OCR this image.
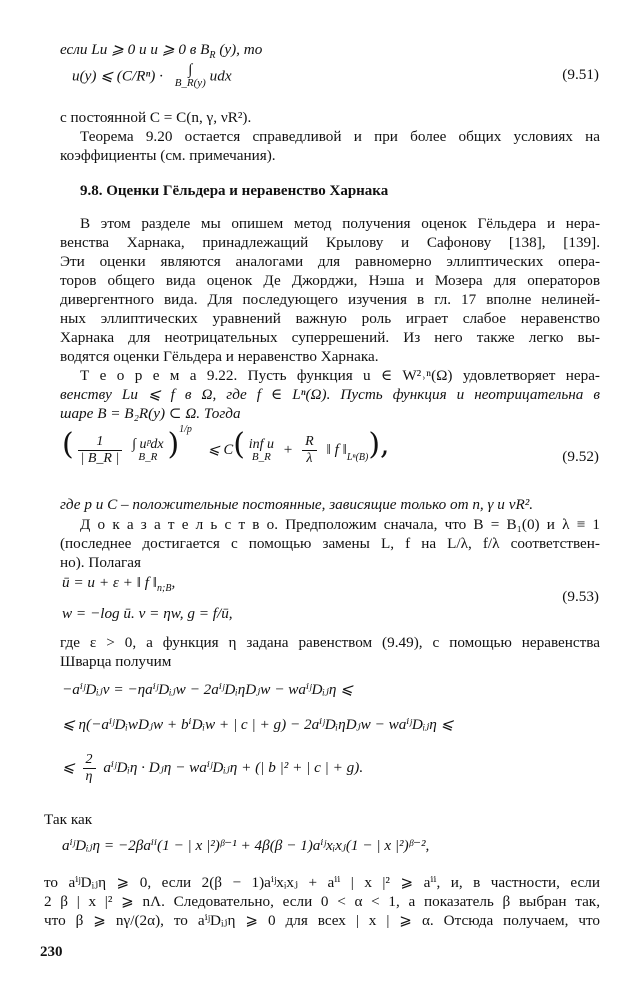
если Lu ⩾ 0 и u ⩾ 0 в $B_R$ (y), то
u(y) ⩽ (C/Rⁿ) ·	∫
B_R(y) udx	(9.51)
с постоянной C = C(n, γ, νR²).
Теорема 9.20 остается справедливой и при более общих условиях на
коэффициенты (см. примечания).
9.8. Оценки Гёльдера и неравенство Харнака
В этом разделе мы опишем метод получения оценок Гёльдера и нера-
венства Харнака, принадлежащий Крылову и Сафонову [138], [139].
Эти оценки являются аналогами для равномерно эллиптических опера-
торов общего вида оценок Де Джорджи, Нэша и Мозера для операторов
дивергентного вида. Для последующего изучения в гл. 17 вполне нелиней-
ных эллиптических уравнений важную роль играет слабое неравенство
Харнака для неотрицательных суперрешений. Из него также легко вы-
водятся оценки Гёльдера и неравенство Харнака.
Т е о р е м а 9.22. Пусть функция u ∈ W²˒ⁿ(Ω) удовлетворяет нера-
венству Lu ⩽ f в Ω, где f ∈ Lⁿ(Ω). Пусть функция u неотрицательна в
шаре B = B₂R(y) ⊂ Ω. Тогда
( $\frac{1}{| B\_R |}$
∫ uᵖdx
B_R )$^{1/p}$ ⩽ C( inf u
B_R + $\frac{R}{\lambda}$ ‖ f $‖_{L^n(B)}$),	(9.52)
где p и C – положительные постоянные, зависящие только от n, γ и νR².
Д о к а з а т е л ь с т в о. Предположим сначала, что B = B₁(0) и λ ≡ 1
(последнее достигается с помощью замены L, f на L/λ, f/λ соответствен-
но). Полагая
ū = u + ε + ‖ f $‖_{n;B}$,
w = −log ū. v = ηw, g = f/ū,
(9.53)
где ε > 0, а функция η задана равенством (9.49), с помощью неравенства
Шварца получим
−aⁱʲDᵢⱼv = −ηaⁱʲDᵢⱼw − 2aⁱʲDᵢηDⱼw − waⁱʲDᵢⱼη ⩽
⩽ η(−aⁱʲDᵢwDⱼw + bⁱDᵢw + | c | + g) − 2aⁱʲDᵢηDⱼw − waⁱʲDᵢⱼη ⩽
⩽ $\frac{2}{\eta}$ aⁱʲDᵢη · Dⱼη − waⁱʲDᵢⱼη + (| b |² + | c | + g).
Так как
aⁱʲDᵢⱼη = −2βaⁱⁱ(1 − | x |²)ᵝ⁻¹ + 4β(β − 1)aⁱʲxᵢxⱼ(1 − | x |²)ᵝ⁻²,
то aⁱʲDᵢⱼη ⩾ 0, если 2(β − 1)aⁱʲxᵢxⱼ + aⁱⁱ | x |² ⩾ aⁱⁱ, и, в частности, если
2 β | x |² ⩾ nΛ. Следовательно, если 0 < α < 1, а показатель β выбран так,
что β ⩾ nγ/(2α), то aⁱʲDᵢⱼη ⩾ 0 для всех | x | ⩾ α. Отсюда получаем, что
230
